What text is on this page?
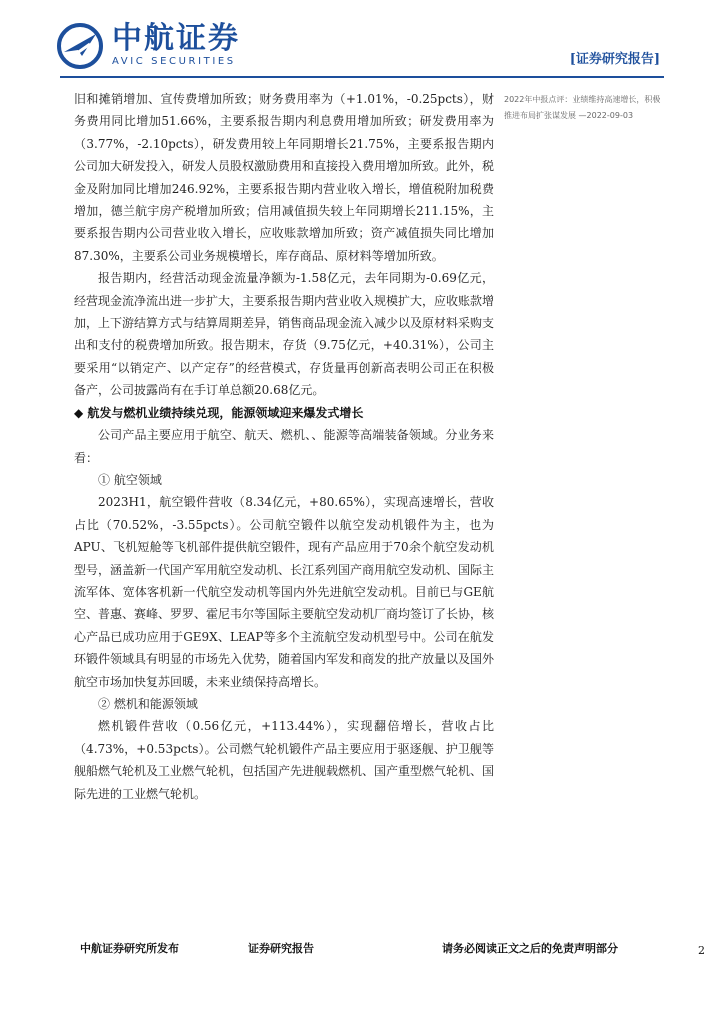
中航证券
AVIC SECURITIES	[证券研究报告]
2022年中报点评：业绩维持高速增长，积极推进布局扩张谋发展 —2022-09-03

旧和摊销增加、宣传费增加所致；财务费用率为（+1.01%，-0.25pcts），财务费用同比增加51.66%，主要系报告期内利息费用增加所致；研发费用率为（3.77%，-2.10pcts），研发费用较上年同期增长21.75%，主要系报告期内公司加大研发投入，研发人员股权激励费用和直接投入费用增加所致。此外，税金及附加同比增加246.92%，主要系报告期内营业收入增长，增值税附加税费增加，德兰航宇房产税增加所致；信用减值损失较上年同期增长211.15%，主要系报告期内公司营业收入增长，应收账款增加所致；资产减值损失同比增加87.30%，主要系公司业务规模增长，库存商品、原材料等增加所致。

报告期内，经营活动现金流量净额为-1.58亿元，去年同期为-0.69亿元，经营现金流净流出进一步扩大，主要系报告期内营业收入规模扩大，应收账款增加，上下游结算方式与结算周期差异，销售商品现金流入减少以及原材料采购支出和支付的税费增加所致。报告期末，存货（9.75亿元，+40.31%），公司主要采用“以销定产、以产定存”的经营模式，存货量再创新高表明公司正在积极备产，公司披露尚有在手订单总额20.68亿元。

◆ 航发与燃机业绩持续兑现，能源领域迎来爆发式增长

公司产品主要应用于航空、航天、燃机、、能源等高端装备领域。分业务来看：

① 航空领域

2023H1，航空锻件营收（8.34亿元，+80.65%），实现高速增长，营收占比（70.52%，-3.55pcts）。公司航空锻件以航空发动机锻件为主，也为APU、飞机短舱等飞机部件提供航空锻件，现有产品应用于70余个航空发动机型号，涵盖新一代国产军用航空发动机、长江系列国产商用航空发动机、国际主流军体、宽体客机新一代航空发动机等国内外先进航空发动机。目前已与GE航空、普惠、赛峰、罗罗、霍尼韦尔等国际主要航空发动机厂商均签订了长协，核心产品已成功应用于GE9X、LEAP等多个主流航空发动机型号中。公司在航发环锻件领域具有明显的市场先入优势，随着国内军发和商发的批产放量以及国外航空市场加快复苏回暖，未来业绩保持高增长。

② 燃机和能源领域

燃机锻件营收（0.56亿元，+113.44%），实现翻倍增长，营收占比（4.73%，+0.53pcts）。公司燃气轮机锻件产品主要应用于驱逐舰、护卫舰等舰船燃气轮机及工业燃气轮机，包括国产先进舰载燃机、国产重型燃气轮机、国际先进的工业燃气轮机。

中航证券研究所发布	证券研究报告	请务必阅读正文之后的免责声明部分	2
